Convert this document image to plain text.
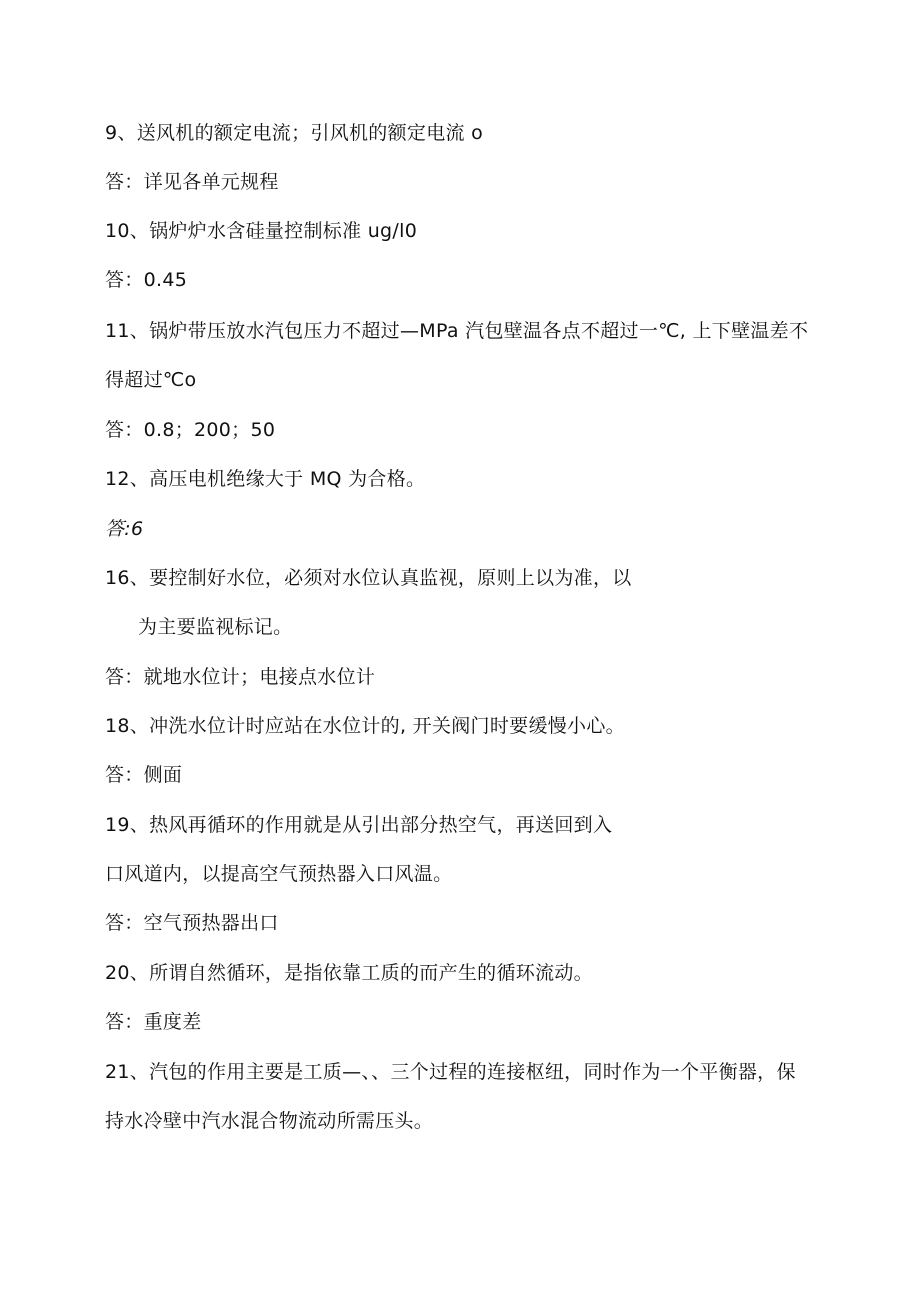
9、送风机的额定电流；引风机的额定电流 o
答：详见各单元规程
10、锅炉炉水含硅量控制标准 ug∕l0
答：0.45
11、锅炉带压放水汽包压力不超过—MPa 汽包壁温各点不超过一℃, 上下壁温差不
得超过℃o
答：0.8；200；50
12、高压电机绝缘大于 MQ 为合格。
答:6
16、要控制好水位，必须对水位认真监视，原则上以为准，以
为主要监视标记。
答：就地水位计；电接点水位计
18、冲洗水位计时应站在水位计的, 开关阀门时要缓慢小心。
答：侧面
19、热风再循环的作用就是从引出部分热空气，再送回到入
口风道内，以提高空气预热器入口风温。
答：空气预热器出口
20、所谓自然循环，是指依靠工质的而产生的循环流动。
答：重度差
21、汽包的作用主要是工质—、、三个过程的连接枢纽，同时作为一个平衡器，保
持水冷壁中汽水混合物流动所需压头。
